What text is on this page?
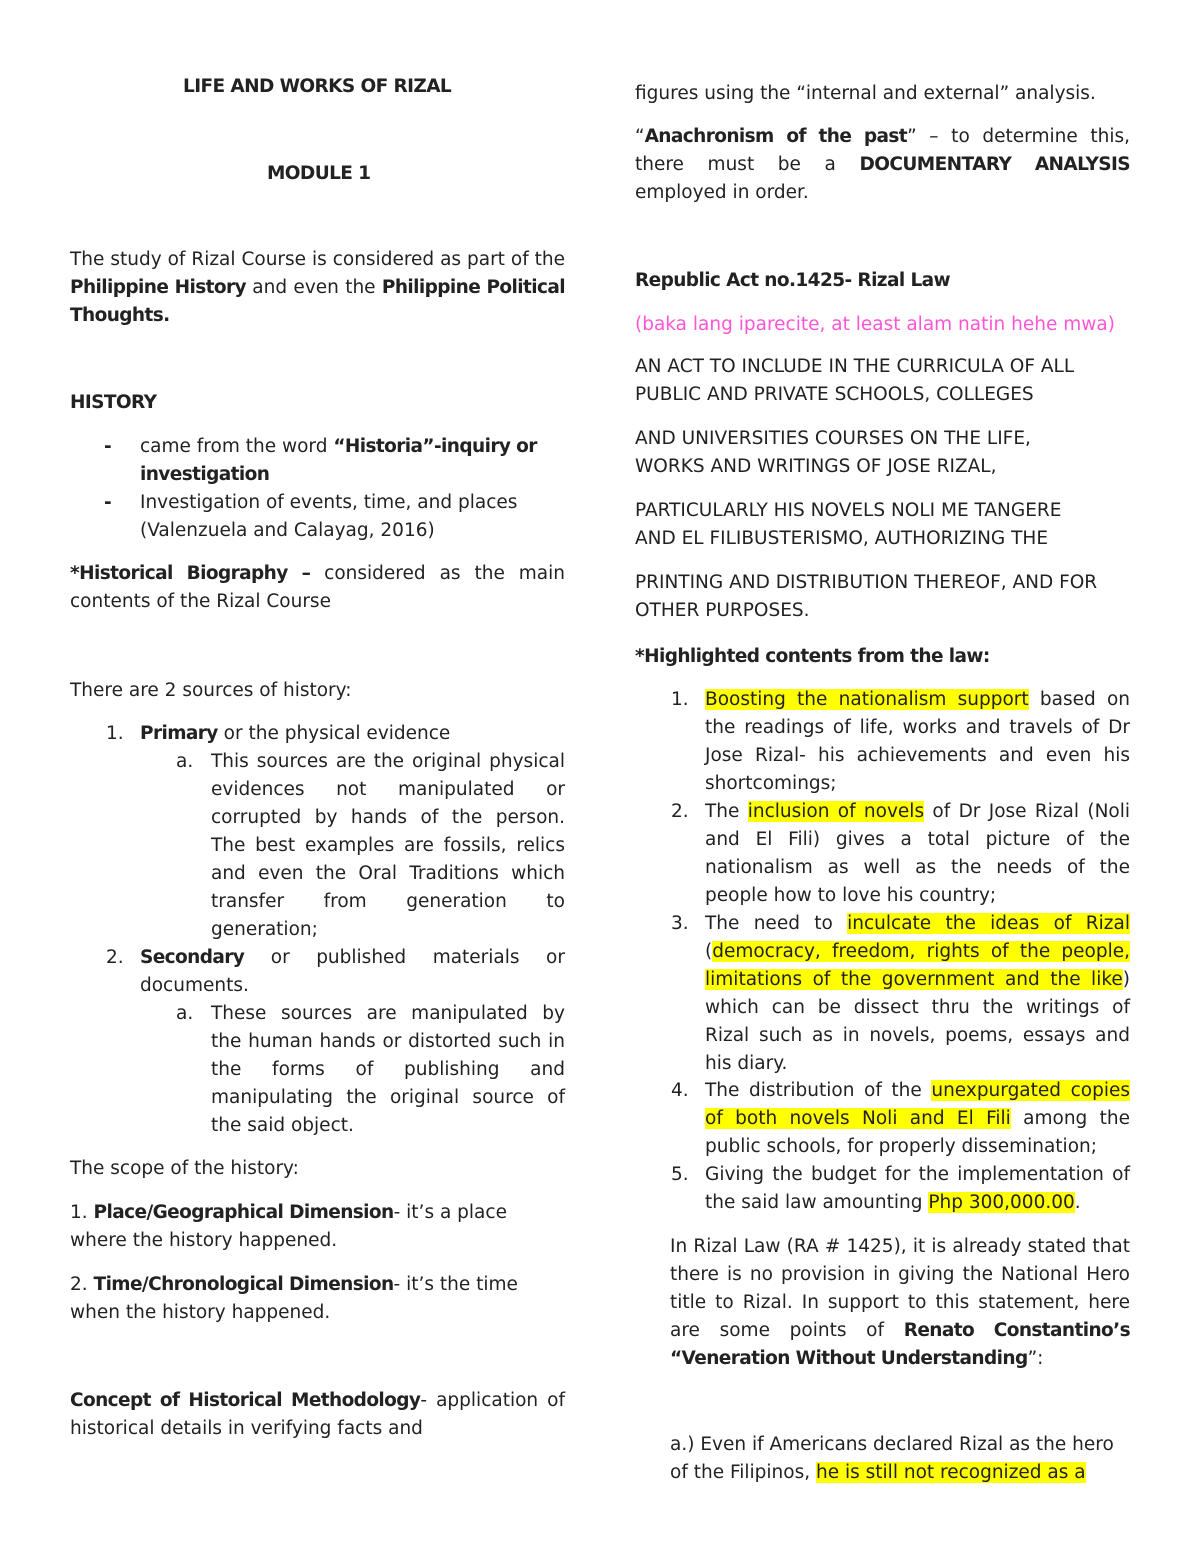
LIFE AND WORKS OF RIZAL

MODULE 1

The study of Rizal Course is considered as part of the Philippine History and even the Philippine Political Thoughts.

HISTORY

- came from the word “Historia”-inquiry or investigation

- Investigation of events, time, and places (Valenzuela and Calayag, 2016)

*Historical Biography – considered as the main contents of the Rizal Course

There are 2 sources of history:

1. Primary or the physical evidence

a. This sources are the original physical evidences not manipulated or corrupted by hands of the person. The best examples are fossils, relics and even the Oral Traditions which transfer from generation to generation;

2. Secondary or published materials or documents.

a. These sources are manipulated by the human hands or distorted such in the forms of publishing and manipulating the original source of the said object.

The scope of the history:

1. Place/Geographical Dimension- it’s a place where the history happened.

2. Time/Chronological Dimension- it’s the time when the history happened.

Concept of Historical Methodology- application of historical details in verifying facts and

figures using the “internal and external” analysis.

“Anachronism of the past” – to determine this, there must be a DOCUMENTARY ANALYSIS employed in order.

Republic Act no.1425- Rizal Law

(baka lang iparecite, at least alam natin hehe mwa)

AN ACT TO INCLUDE IN THE CURRICULA OF ALL PUBLIC AND PRIVATE SCHOOLS, COLLEGES

AND UNIVERSITIES COURSES ON THE LIFE, WORKS AND WRITINGS OF JOSE RIZAL,

PARTICULARLY HIS NOVELS NOLI ME TANGERE AND EL FILIBUSTERISMO, AUTHORIZING THE

PRINTING AND DISTRIBUTION THEREOF, AND FOR OTHER PURPOSES.

*Highlighted contents from the law:

1. Boosting the nationalism support based on the readings of life, works and travels of Dr Jose Rizal- his achievements and even his shortcomings;

2. The inclusion of novels of Dr Jose Rizal (Noli and El Fili) gives a total picture of the nationalism as well as the needs of the people how to love his country;

3. The need to inculcate the ideas of Rizal (democracy, freedom, rights of the people, limitations of the government and the like) which can be dissect thru the writings of Rizal such as in novels, poems, essays and his diary.

4. The distribution of the unexpurgated copies of both novels Noli and El Fili among the public schools, for properly dissemination;

5. Giving the budget for the implementation of the said law amounting Php 300,000.00.

In Rizal Law (RA # 1425), it is already stated that there is no provision in giving the National Hero title to Rizal. In support to this statement, here are some points of Renato Constantino’s “Veneration Without Understanding”:

a.) Even if Americans declared Rizal as the hero of the Filipinos, he is still not recognized as a
